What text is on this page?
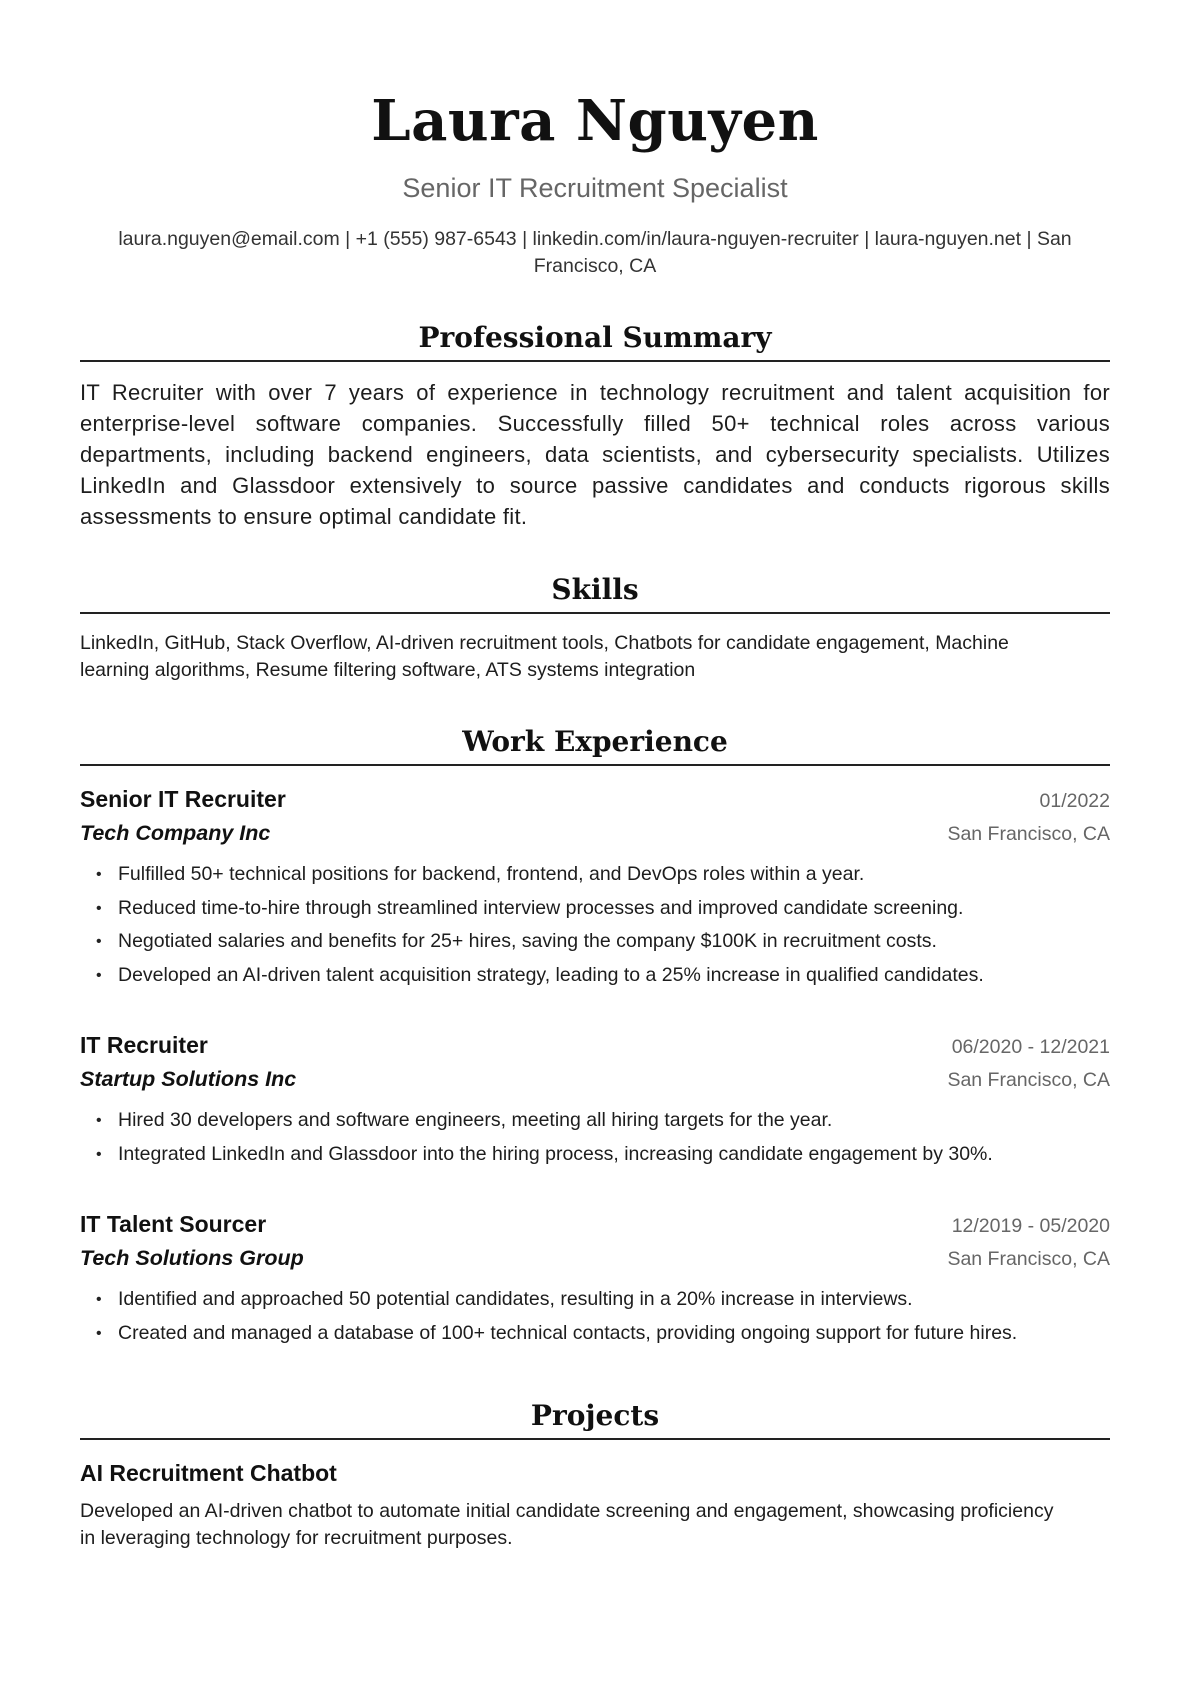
Laura Nguyen
Senior IT Recruitment Specialist
laura.nguyen@email.com | +1 (555) 987-6543 | linkedin.com/in/laura-nguyen-recruiter | laura-nguyen.net | San
Francisco, CA
Professional Summary

IT Recruiter with over 7 years of experience in technology recruitment and talent acquisition for enterprise-level software companies. Successfully filled 50+ technical roles across various departments, including backend engineers, data scientists, and cybersecurity specialists. Utilizes LinkedIn and Glassdoor extensively to source passive candidates and conducts rigorous skills assessments to ensure optimal candidate fit.

Skills
LinkedIn, GitHub, Stack Overflow, AI-driven recruitment tools, Chatbots for candidate engagement, Machine
learning algorithms, Resume filtering software, ATS systems integration
Work Experience
Senior IT Recruiter	01/2022
Tech Company Inc	San Francisco, CA
• Fulfilled 50+ technical positions for backend, frontend, and DevOps roles within a year.
• Reduced time-to-hire through streamlined interview processes and improved candidate screening.
• Negotiated salaries and benefits for 25+ hires, saving the company $100K in recruitment costs.
• Developed an AI-driven talent acquisition strategy, leading to a 25% increase in qualified candidates.
IT Recruiter	06/2020 - 12/2021
Startup Solutions Inc	San Francisco, CA
• Hired 30 developers and software engineers, meeting all hiring targets for the year.
• Integrated LinkedIn and Glassdoor into the hiring process, increasing candidate engagement by 30%.
IT Talent Sourcer	12/2019 - 05/2020
Tech Solutions Group	San Francisco, CA
• Identified and approached 50 potential candidates, resulting in a 20% increase in interviews.
• Created and managed a database of 100+ technical contacts, providing ongoing support for future hires.
Projects
AI Recruitment Chatbot
Developed an AI-driven chatbot to automate initial candidate screening and engagement, showcasing proficiency
in leveraging technology for recruitment purposes.
